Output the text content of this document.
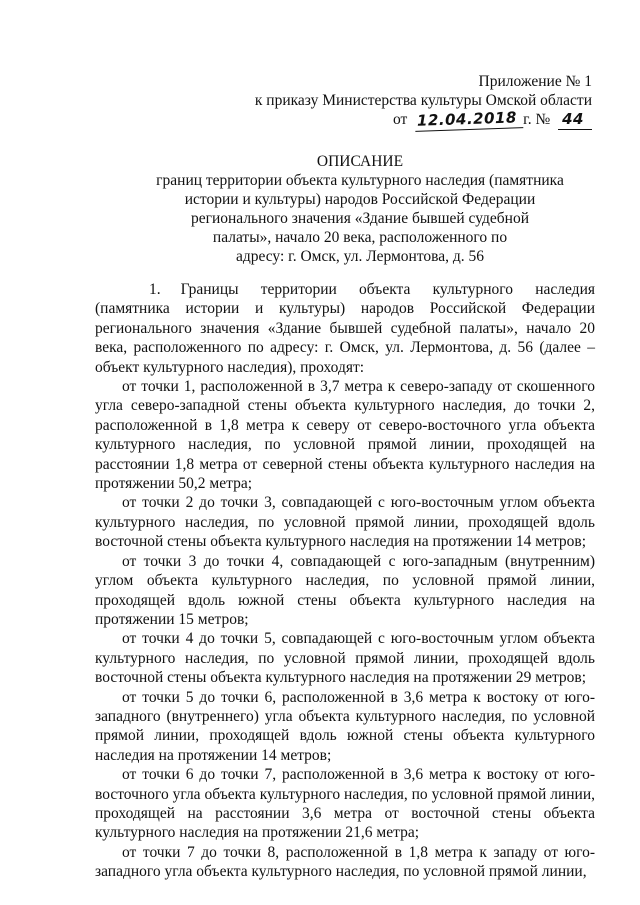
Приложение № 1
к приказу Министерства культуры Омской области
от 12.04.2018 г. № 44
ОПИСАНИЕ
границ территории объекта культурного наследия (памятника
истории и культуры) народов Российской Федерации
регионального значения «Здание бывшей судебной
палаты», начало 20 века, расположенного по
адресу: г. Омск, ул. Лермонтова, д. 56

1. Границы территории объекта культурного наследия (памятника истории и культуры) народов Российской Федерации регионального значения «Здание бывшей судебной палаты», начало 20 века, расположенного по адресу: г. Омск, ул. Лермонтова, д. 56 (далее – объект культурного наследия), проходят:

от точки 1, расположенной в 3,7 метра к северо-западу от скошенного угла северо-западной стены объекта культурного наследия, до точки 2, расположенной в 1,8 метра к северу от северо-восточного угла объекта культурного наследия, по условной прямой линии, проходящей на расстоянии 1,8 метра от северной стены объекта культурного наследия на протяжении 50,2 метра;

от точки 2 до точки 3, совпадающей с юго-восточным углом объекта культурного наследия, по условной прямой линии, проходящей вдоль восточной стены объекта культурного наследия на протяжении 14 метров;

от точки 3 до точки 4, совпадающей с юго-западным (внутренним) углом объекта культурного наследия, по условной прямой линии, проходящей вдоль южной стены объекта культурного наследия на протяжении 15 метров;

от точки 4 до точки 5, совпадающей с юго-восточным углом объекта культурного наследия, по условной прямой линии, проходящей вдоль восточной стены объекта культурного наследия на протяжении 29 метров;

от точки 5 до точки 6, расположенной в 3,6 метра к востоку от юго-западного (внутреннего) угла объекта культурного наследия, по условной прямой линии, проходящей вдоль южной стены объекта культурного наследия на протяжении 14 метров;

от точки 6 до точки 7, расположенной в 3,6 метра к востоку от юго-восточного угла объекта культурного наследия, по условной прямой линии, проходящей на расстоянии 3,6 метра от восточной стены объекта культурного наследия на протяжении 21,6 метра;

от точки 7 до точки 8, расположенной в 1,8 метра к западу от юго-западного угла объекта культурного наследия, по условной прямой линии,
